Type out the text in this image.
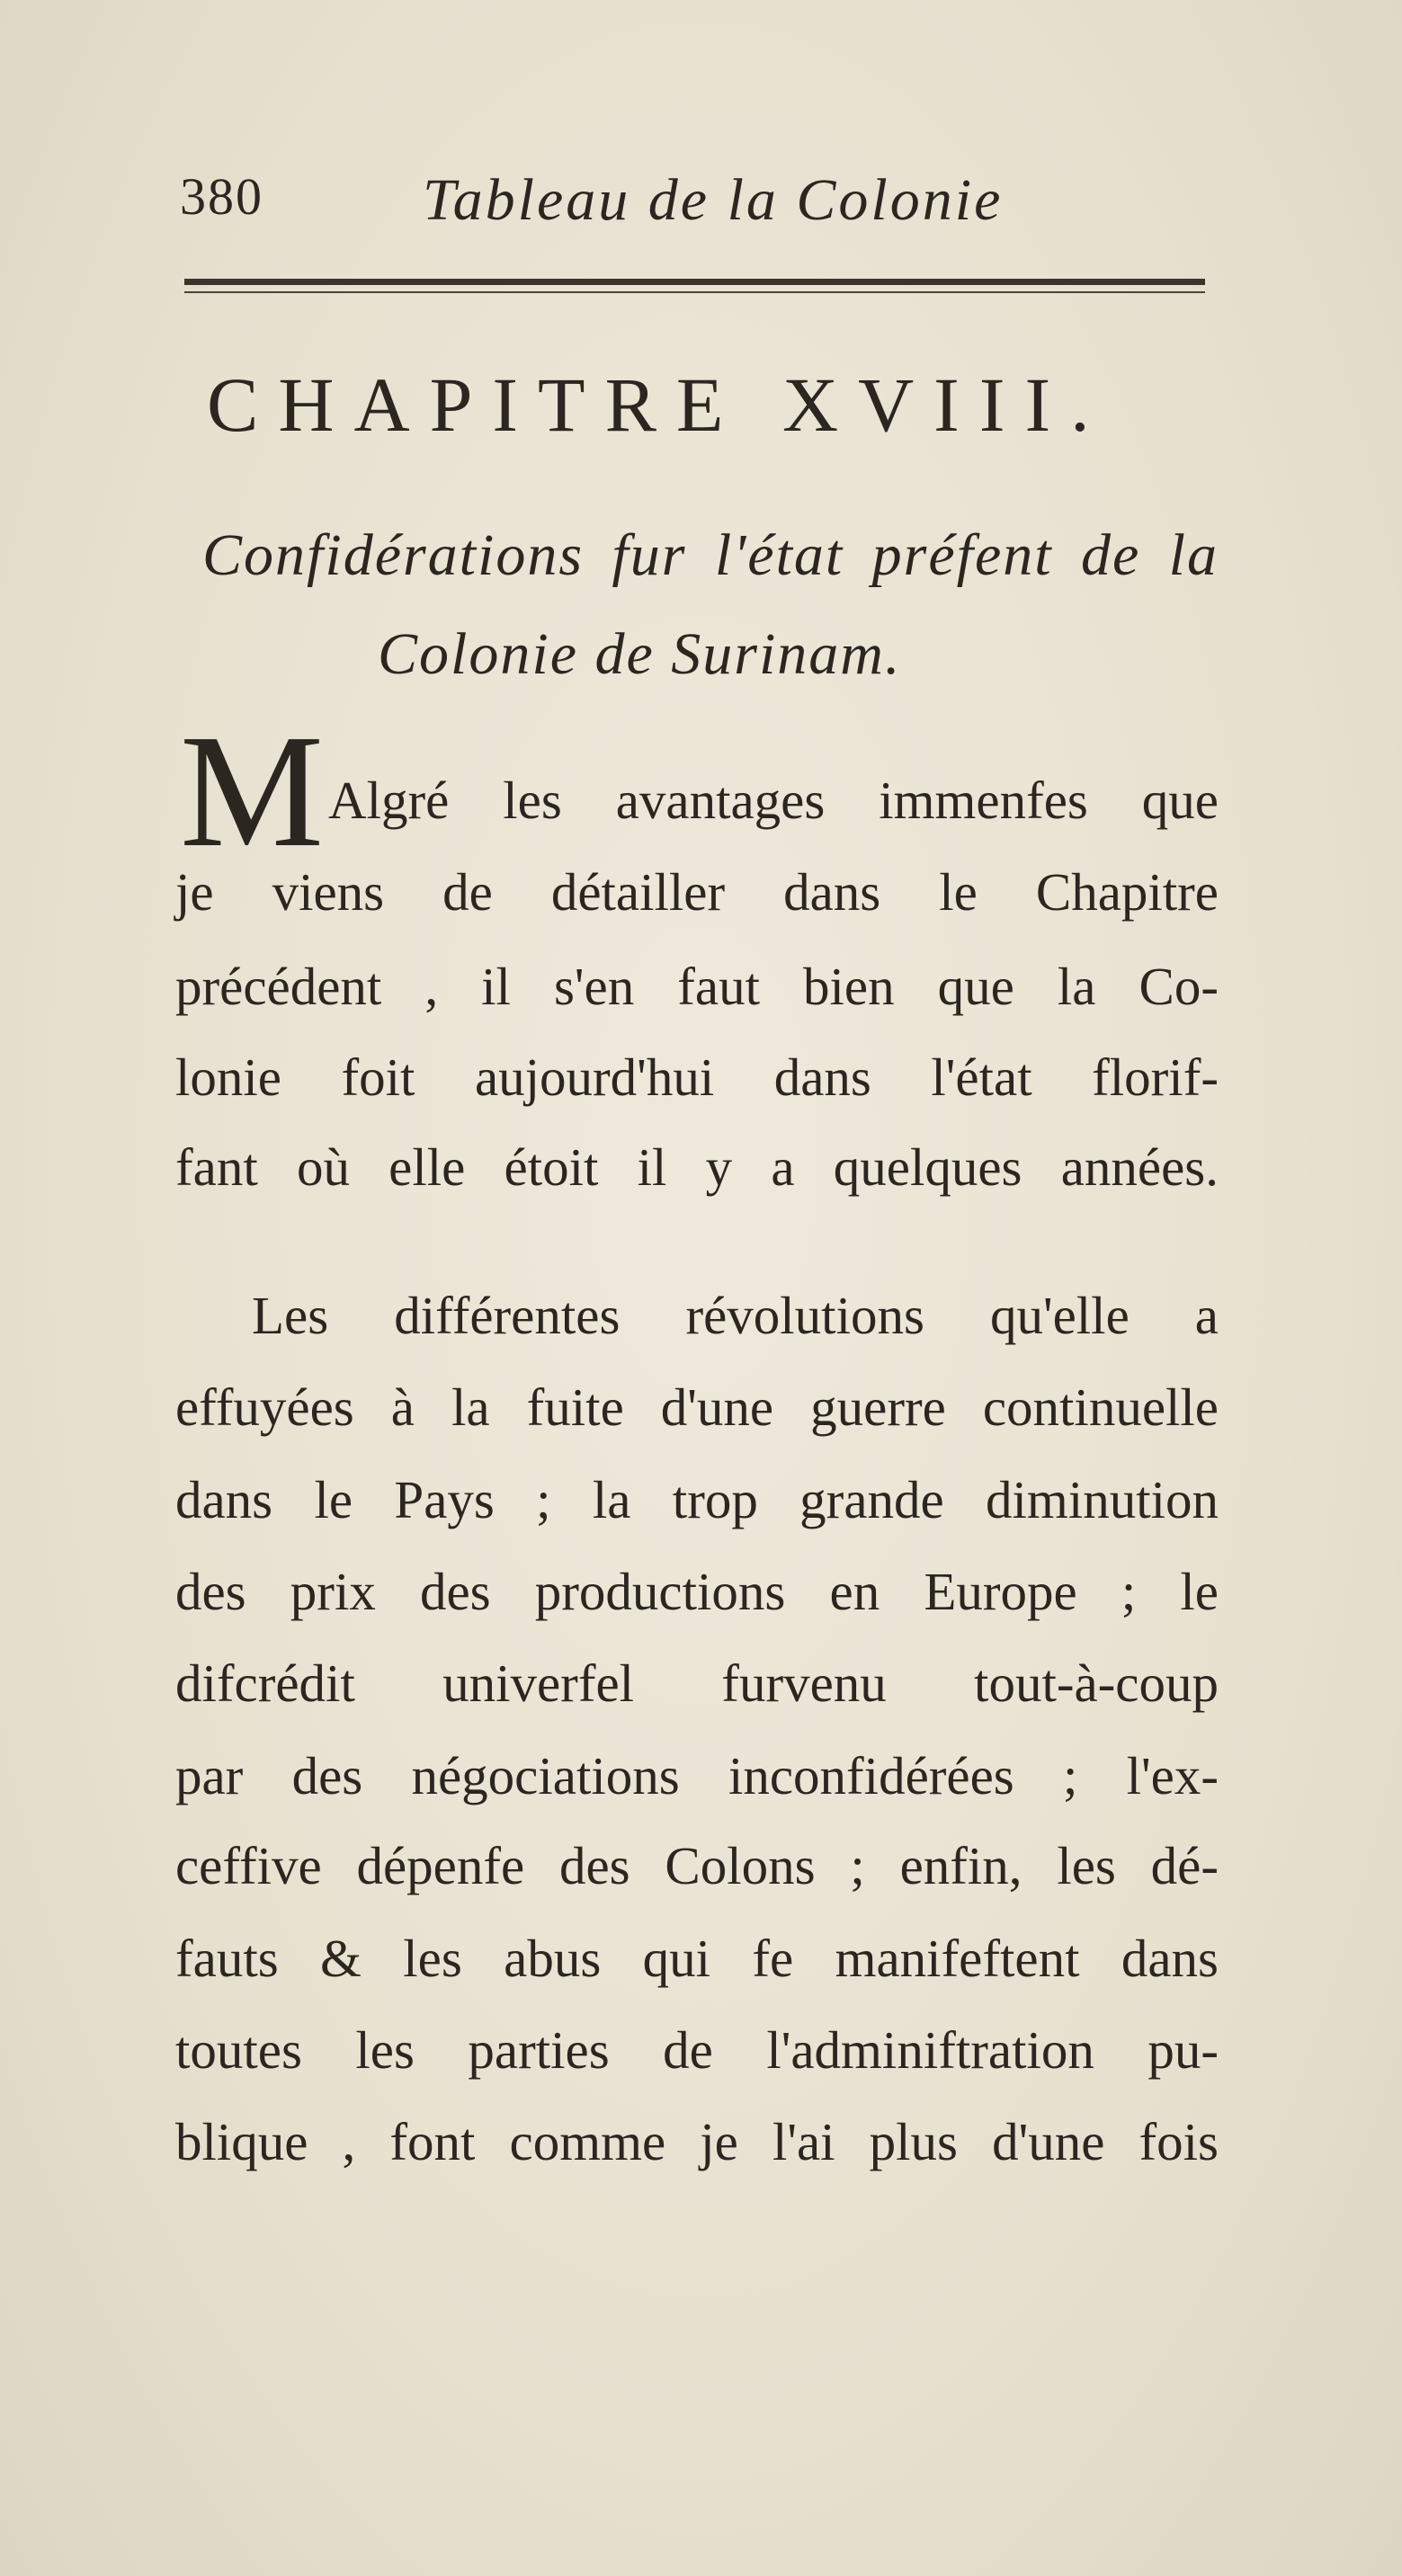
380	Tableau de la Colonie
CHAPITRE XVIII.
Confidérations fur l'état préfent de la
Colonie de Surinam.
M Algré les avantages immenfes que
je viens de détailler dans le Chapitre
précédent , il s'en faut bien que la Co-
lonie foit aujourd'hui dans l'état florif-
fant où elle étoit il y a quelques années.
Les différentes révolutions qu'elle a
effuyées à la fuite d'une guerre continuelle
dans le Pays ; la trop grande diminution
des prix des productions en Europe ; le
difcrédit univerfel furvenu tout-à-coup
par des négociations inconfidérées ; l'ex-
ceffive dépenfe des Colons ; enfin, les dé-
fauts & les abus qui fe manifeftent dans
toutes les parties de l'adminiftration pu-
blique , font comme je l'ai plus d'une fois
